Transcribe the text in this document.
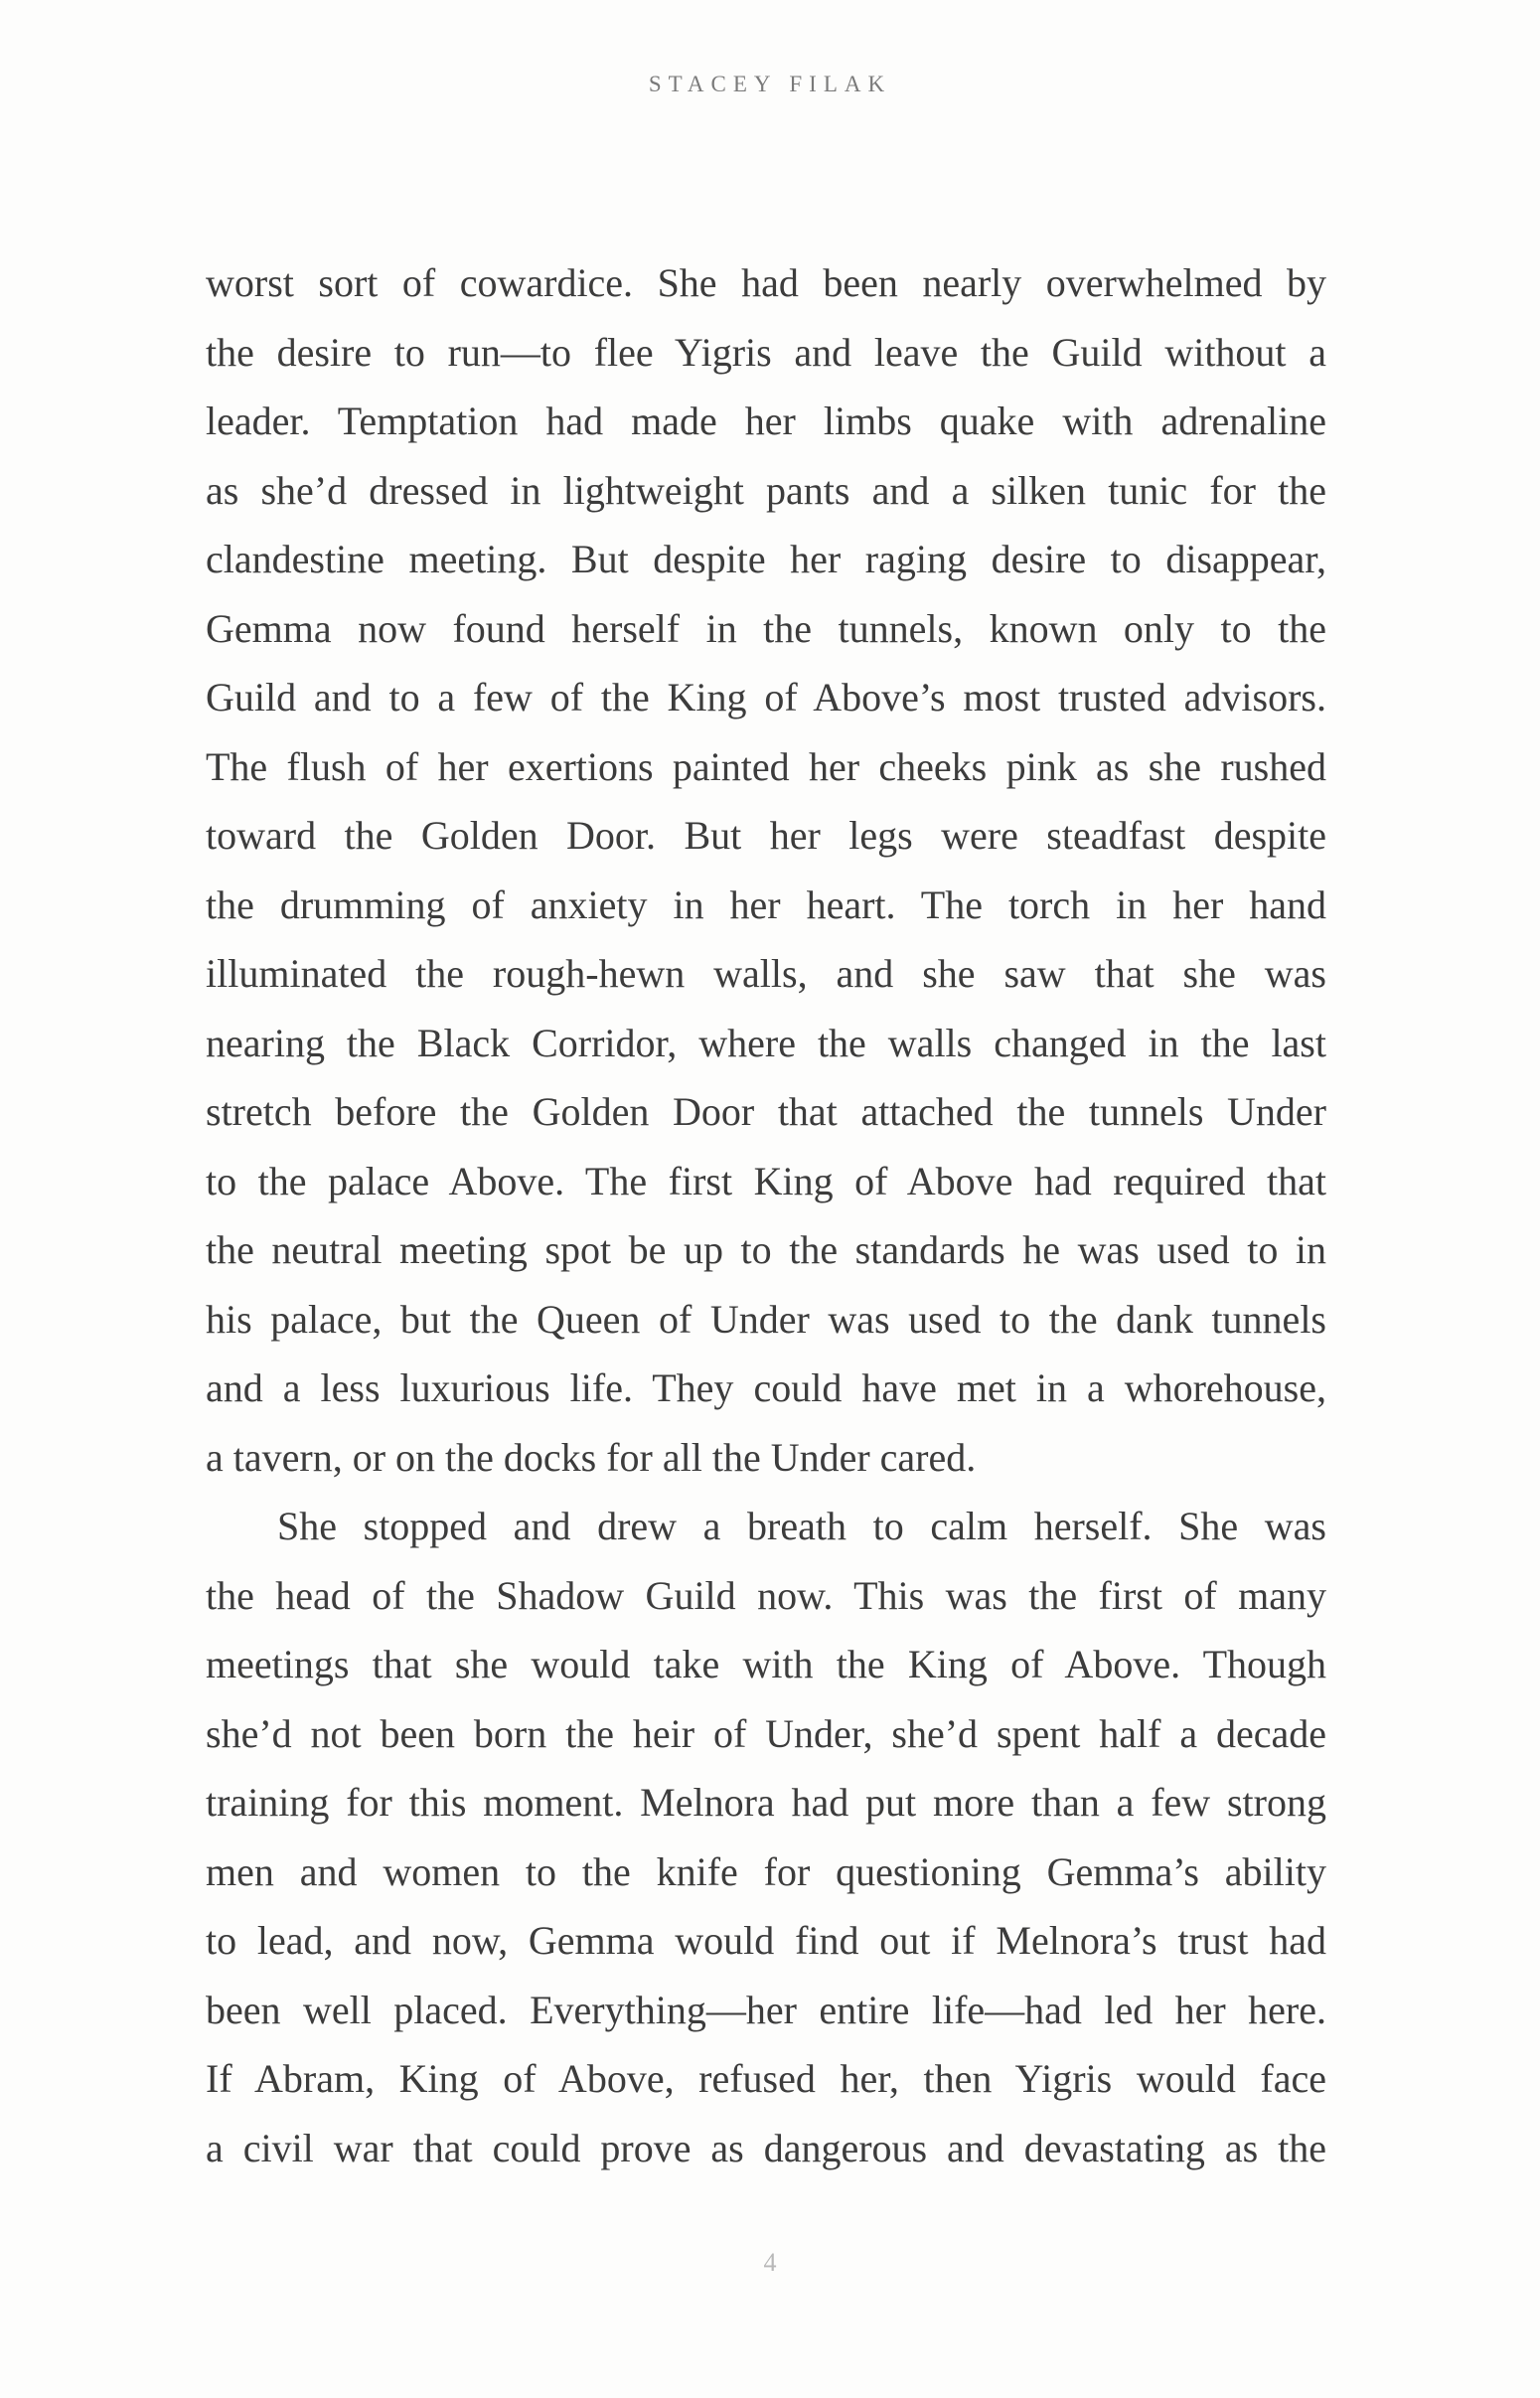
STACEY FILAK
worst sort of cowardice. She had been nearly overwhelmed by
the desire to run—to flee Yigris and leave the Guild without a
leader. Temptation had made her limbs quake with adrenaline
as she’d dressed in lightweight pants and a silken tunic for the
clandestine meeting. But despite her raging desire to disappear,
Gemma now found herself in the tunnels, known only to the
Guild and to a few of the King of Above’s most trusted advisors.
The flush of her exertions painted her cheeks pink as she rushed
toward the Golden Door. But her legs were steadfast despite
the drumming of anxiety in her heart. The torch in her hand
illuminated the rough-hewn walls, and she saw that she was
nearing the Black Corridor, where the walls changed in the last
stretch before the Golden Door that attached the tunnels Under
to the palace Above. The first King of Above had required that
the neutral meeting spot be up to the standards he was used to in
his palace, but the Queen of Under was used to the dank tunnels
and a less luxurious life. They could have met in a whorehouse,
a tavern, or on the docks for all the Under cared.
She stopped and drew a breath to calm herself. She was
the head of the Shadow Guild now. This was the first of many
meetings that she would take with the King of Above. Though
she’d not been born the heir of Under, she’d spent half a decade
training for this moment. Melnora had put more than a few strong
men and women to the knife for questioning Gemma’s ability
to lead, and now, Gemma would find out if Melnora’s trust had
been well placed. Everything—her entire life—had led her here.
If Abram, King of Above, refused her, then Yigris would face
a civil war that could prove as dangerous and devastating as the
4
